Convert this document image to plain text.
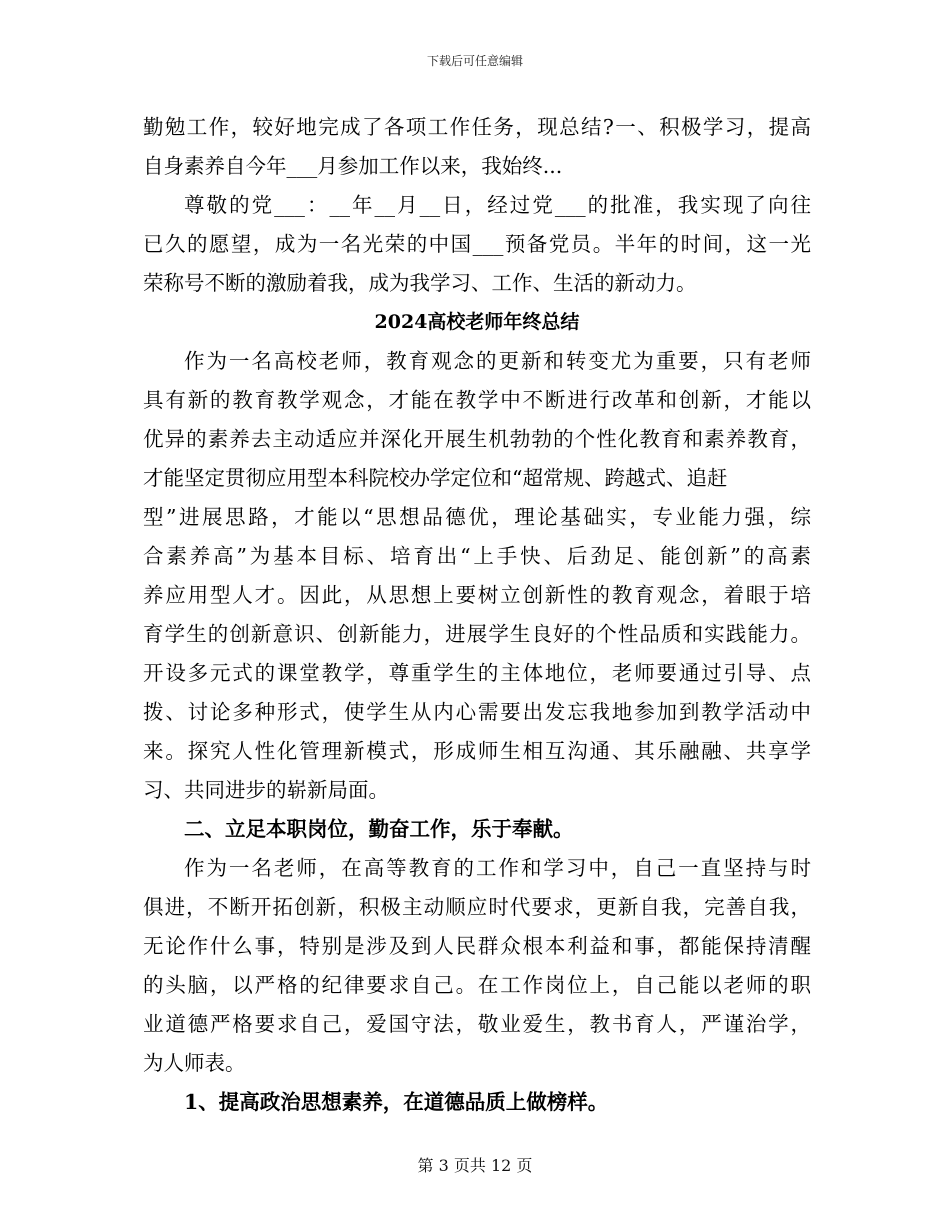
下载后可任意编辑
勤勉工作，较好地完成了各项工作任务，现总结?一、积极学习，提高
自身素养自今年___月参加工作以来，我始终...
尊敬的党___：__年__月__日，经过党___的批准，我实现了向往
已久的愿望，成为一名光荣的中国___预备党员。半年的时间，这一光
荣称号不断的激励着我，成为我学习、工作、生活的新动力。
2024高校老师年终总结
作为一名高校老师，教育观念的更新和转变尤为重要，只有老师
具有新的教育教学观念，才能在教学中不断进行改革和创新，才能以
优异的素养去主动适应并深化开展生机勃勃的个性化教育和素养教育，
才能坚定贯彻应用型本科院校办学定位和“超常规、跨越式、追赶
型”进展思路，才能以“思想品德优，理论基础实，专业能力强，综
合素养高”为基本目标、培育出“上手快、后劲足、能创新”的高素
养应用型人才。因此，从思想上要树立创新性的教育观念，着眼于培
育学生的创新意识、创新能力，进展学生良好的个性品质和实践能力。
开设多元式的课堂教学，尊重学生的主体地位，老师要通过引导、点
拨、讨论多种形式，使学生从内心需要出发忘我地参加到教学活动中
来。探究人性化管理新模式，形成师生相互沟通、其乐融融、共享学
习、共同进步的崭新局面。
二、立足本职岗位，勤奋工作，乐于奉献。
作为一名老师，在高等教育的工作和学习中，自己一直坚持与时
俱进，不断开拓创新，积极主动顺应时代要求，更新自我，完善自我，
无论作什么事，特别是涉及到人民群众根本利益和事，都能保持清醒
的头脑，以严格的纪律要求自己。在工作岗位上，自己能以老师的职
业道德严格要求自己，爱国守法，敬业爱生，教书育人，严谨治学，
为人师表。
1、提高政治思想素养，在道德品质上做榜样。
第 3 页共 12 页
